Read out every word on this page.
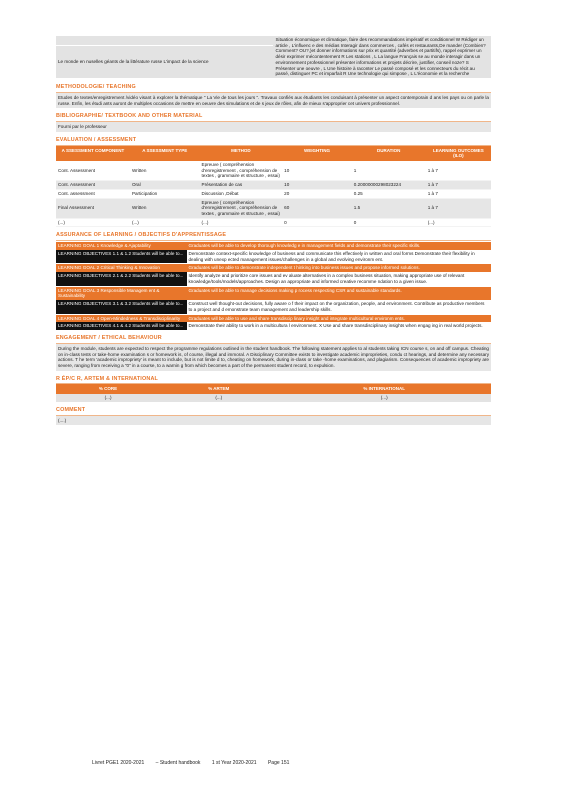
		Situation économique et climatique, faire des recommandations impératif et conditionnel W Rédiger un article , L'influenc e des médias Interagir dans commerces , cafés et restaurants,De mander (Combien?Comment? OU?,)et donner informations sur prix et quantité (adverbes et partitifs), rappel exprimer un désir exprimer mécontentement R Les stations , L La langue Français se au monde interagir dans un environnement professionnel présenter informations et projets décrire, justifier, conseil noze? S Présenter une oeuvre , L Une histoire à raconter Le passé composé et les connecteurs du récit au passé, distinguer PC et imparfait R Une technologie qui simpose , L L'économie et la recherche
Le monde en nuselles géants de la littérature russe L'impact de la science
METHODOLOGIE/ TEACHING
Etudes de textes/enregistrement /vidéo visant à explorer la thématique " La Vie de tous les jours ". Travaux confiés aux étudiants les conduisant à présenter un aspect contemporain d ans les pays ou on parle la russe. Enfin, les étudi ants auront de multiples occasions de mettre en oeuvre des simulations et de s jeux de rôles, afin de mieux s'approprier cet univers professionnel.
BIBLIOGRAPHIE/ TEXTBOOK AND OTHER MATERIAL
Fourni par le professeur
EVALUATION / ASSESSMENT
A SSESSMENT COMPONENT	A SSESSMENT TYPE	METHOD	WEIGHTING	DURATION	LEARNING OUTCOMES (ILO)
Cont. Assessment	Written	Epreuve ( compréhension d'enregistrement , compréhension de textes , grammaire et structure , essai)	10	1	1 à 7
Cont. Assessment	Oral	Présentation de cas	10	0.20000000298023224	1 à 7
Cont. assessment	Participation	Discussion ,Débat	20	0.25	1 à 7
Final Assessment	Written	Epreuve ( compréhension d'enregistrement , compréhension de textes , grammaire et structure , essai)	60	1.5	1 à 7
(...)	(...)	(...)	0	0	(...)
ASSURANCE OF LEARNING / OBJECTIFS D'APPRENTISSAGE
LEARNING GOAL 1 Knowledge & Ajaptability	Graduates will be able to develop thorough knowledg e in management fields and demonstrate their specific skills.
LEARNING OBJECTIVES 1.1 & 1.2 Students will be able to...	Demonstrate context-specific knowledge of business and communicate this effectively in written and oral forms Demonstrate their flexibility in dealing with unexp ected management issues/challenges in a global and evolving environm ent.
LEARNING GOAL 2 Critical Thinking & Innovation	Graduates will be able to demonstrate independent t hinking into business issues and propose informed solutions.
LEARNING OBJECTIVES 2.1 & 2.2 Students will be able to...	Identify analyze and prioritize core issues and ev aluate alternatives in a complex business situation, making appropriate use of relevant knowledge/tools/models/approaches. Design an appropriate and informed creative recomme ndation to a given issue.
LEARNING GOAL 3 Responsible Managem ent & Sustainability	Graduates will be able to manage decisions making p rocess respecting CSR and sustainable standards.
LEARNING OBJECTIVES 3.1 & 3.2 Students will be able to...	Construct well thought-out decisions, fully aware o f their impact on the organization, people, and environment. Contribute as productive members to a project and d emonstrate team management and leadership skills.
LEARNING GOAL 4 Open-Mindedness & Transdisciplinarity	Graduates will be able to use and share transdiscip linary insight and integrate multicultural environm ents.
LEARNING OBJECTIVES 4.1 & 4.2 Students will be able to...	Demonstrate their ability to work in a multicultura l environment. X Use and share transdisciplinary insights when engag ing in real world projects.
ENGAGEMENT / ETHICAL BEHAVIOUR
During the module, students are expected to respect the programme regulations outlined in the student handbook. The following statement applies to al students taking ICN course s, on and off campus. Cheating on in-class tests or take-home examination s or homework is, of course, illegal and immoral. A Disciplinary Committee exists to investigate academic improprieties, condu ct hearings, and determine any necessary actions. T he term 'academic impropriety' is meant to include, but is not limite d to, cheating on homework, during in-class or take -home examinations, and plagiarism. Consequences of academic impropriety are severe, ranging from receiving a "0" in a course, to a warnin g from which becomes a part of the permanent student record, to expulsion.
R ÉP/C R, ARTEM & INTERNATIONAL
% CORE	% ARTEM	% INTERNATIONAL
(...)	(...)	(...)
COMMENT
(....)
Livret PGE1 2020-2021 – Student handbook 1 st Year 2020-2021 Page 151
